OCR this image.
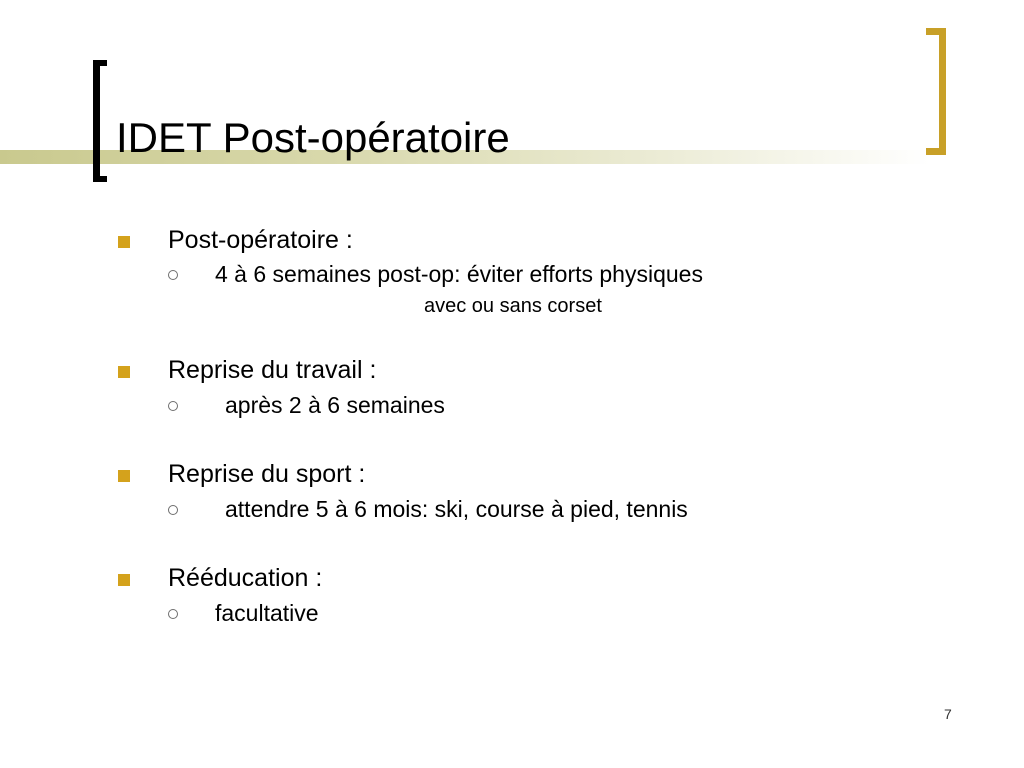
IDET Post-opératoire
Post-opératoire :
4 à 6 semaines post-op: éviter efforts physiques
avec ou sans corset
Reprise du travail :
après 2 à 6 semaines
Reprise du sport :
attendre 5 à 6 mois: ski, course à pied, tennis
Rééducation :
facultative
7
